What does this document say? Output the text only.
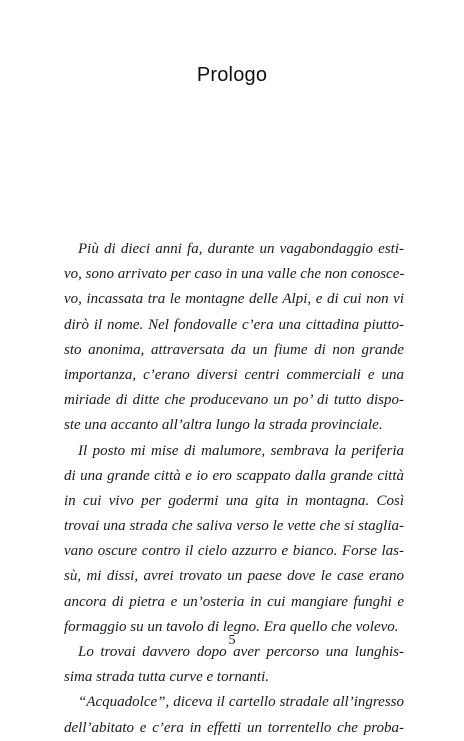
Prologo
Più di dieci anni fa, durante un vagabondaggio esti-
vo, sono arrivato per caso in una valle che non conosce-
vo, incassata tra le montagne delle Alpi, e di cui non vi
dirò il nome. Nel fondovalle c’era una cittadina piutto-
sto anonima, attraversata da un fiume di non grande
importanza, c’erano diversi centri commerciali e una
miriade di ditte che producevano un po’ di tutto dispo-
ste una accanto all’altra lungo la strada provinciale.
Il posto mi mise di malumore, sembrava la periferia
di una grande città e io ero scappato dalla grande città
in cui vivo per godermi una gita in montagna. Così
trovai una strada che saliva verso le vette che si staglia-
vano oscure contro il cielo azzurro e bianco. Forse las-
sù, mi dissi, avrei trovato un paese dove le case erano
ancora di pietra e un’osteria in cui mangiare funghi e
formaggio su un tavolo di legno. Era quello che volevo.
Lo trovai davvero dopo aver percorso una lunghis-
sima strada tutta curve e tornanti.
“Acquadolce”, diceva il cartello stradale all’ingresso
dell’abitato e c’era in effetti un torrentello che proba-
5
